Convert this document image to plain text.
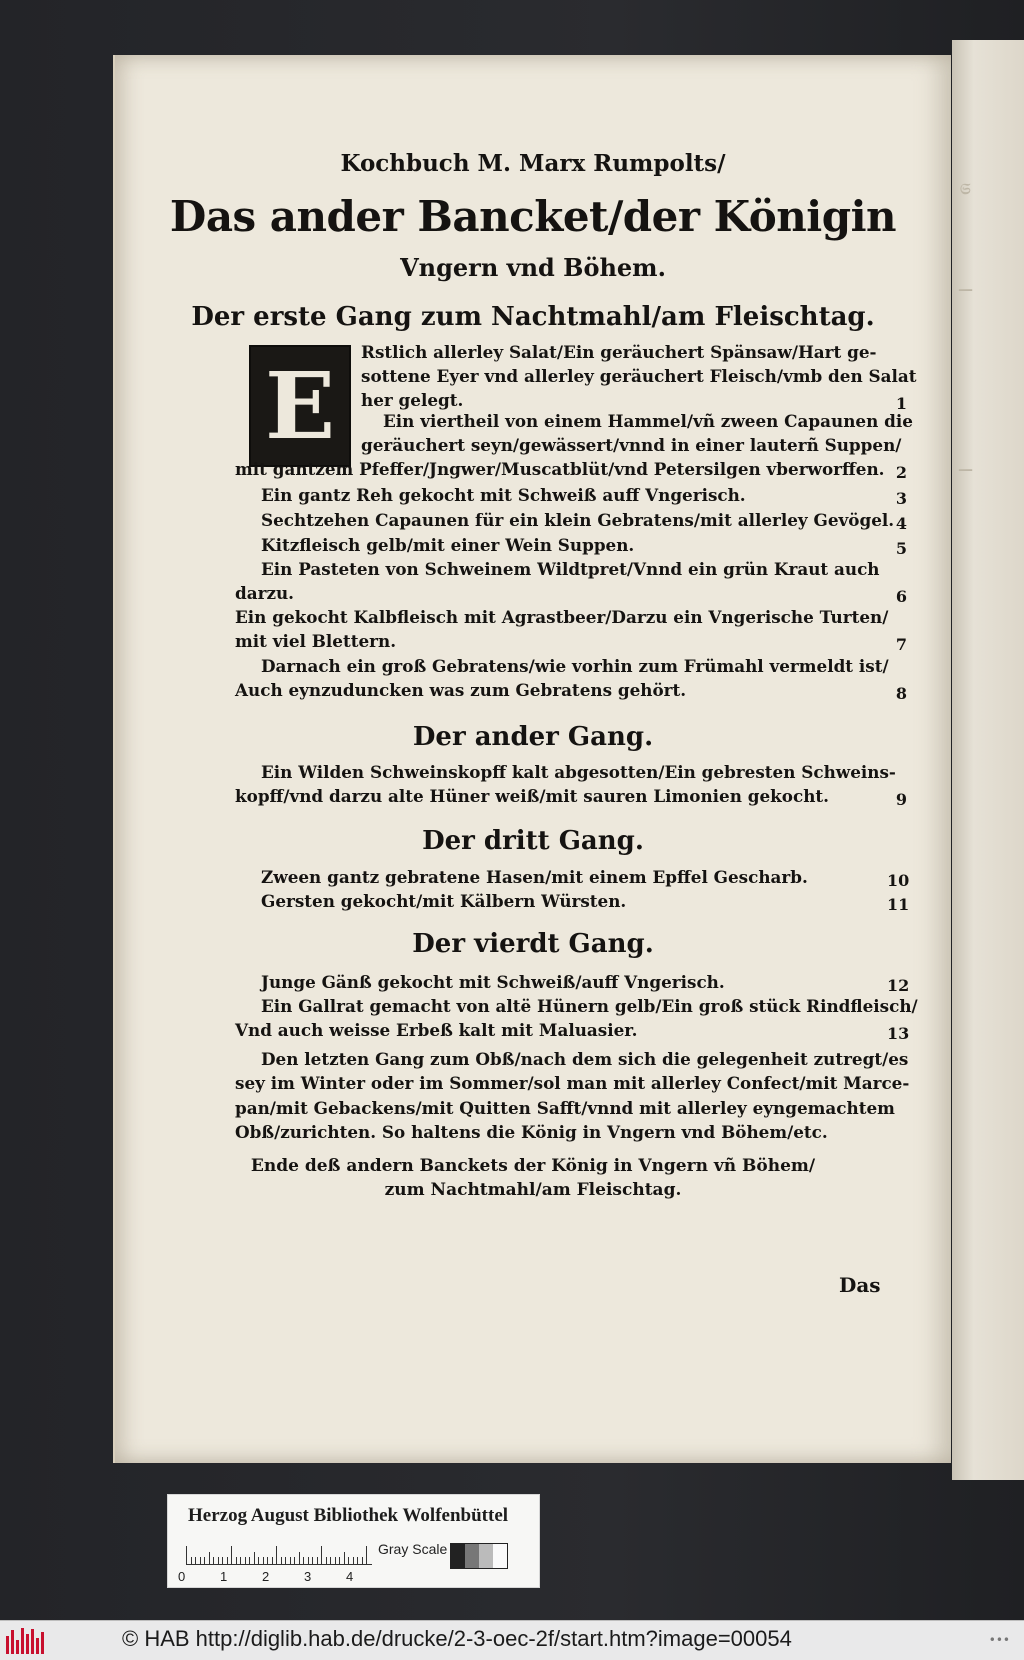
𝔖
—
—
Kochbuch M. Marx Rumpolts/
Das ander Bancket/der Königin
Vngern vnd Böhem.
Der erste Gang zum Nachtmahl/am Fleischtag.
E
Der ander Gang.
Der dritt Gang.
Der vierdt Gang.
Das
Rstlich allerley Salat/Ein geräuchert Spänsaw/Hart ge-
sottene Eyer vnd allerley geräuchert Fleisch/vmb den Salat
her gelegt.	1
Ein viertheil von einem Hammel/vñ zween Capaunen die
geräuchert seyn/gewässert/vnnd in einer lauterñ Suppen/
mit gantzem Pfeffer/Jngwer/Muscatblüt/vnd Petersilgen vberworffen. 2
Ein gantz Reh gekocht mit Schweiß auff Vngerisch.	3
Sechtzehen Capaunen für ein klein Gebratens/mit allerley Gevögel. 4
Kitzfleisch gelb/mit einer Wein Suppen.	5
Ein Pasteten von Schweinem Wildtpret/Vnnd ein grün Kraut auch
darzu.	6
Ein gekocht Kalbfleisch mit Agrastbeer/Darzu ein Vngerische Turten/
mit viel Blettern.	7
Darnach ein groß Gebratens/wie vorhin zum Frümahl vermeldt ist/
Auch eynzuduncken was zum Gebratens gehört.	8
Ein Wilden Schweinskopff kalt abgesotten/Ein gebresten Schweins-
kopff/vnd darzu alte Hüner weiß/mit sauren Limonien gekocht.	9
Zween gantz gebratene Hasen/mit einem Epffel Gescharb.	10
Gersten gekocht/mit Kälbern Würsten.	11
Junge Gänß gekocht mit Schweiß/auff Vngerisch.	12
Ein Gallrat gemacht von altë Hünern gelb/Ein groß stück Rindfleisch/
Vnd auch weisse Erbeß kalt mit Maluasier.	13
Den letzten Gang zum Obß/nach dem sich die gelegenheit zutregt/es
sey im Winter oder im Sommer/sol man mit allerley Confect/mit Marce-
pan/mit Gebackens/mit Quitten Safft/vnnd mit allerley eyngemachtem
Obß/zurichten. So haltens die König in Vngern vnd Böhem/etc.
Ende deß andern Banckets der König in Vngern vñ Böhem/
zum Nachtmahl/am Fleischtag.
Herzog August Bibliothek Wolfenbüttel
0	1	2	3	4
Gray Scale
© HAB http://diglib.hab.de/drucke/2-3-oec-2f/start.htm?image=00054	•••
